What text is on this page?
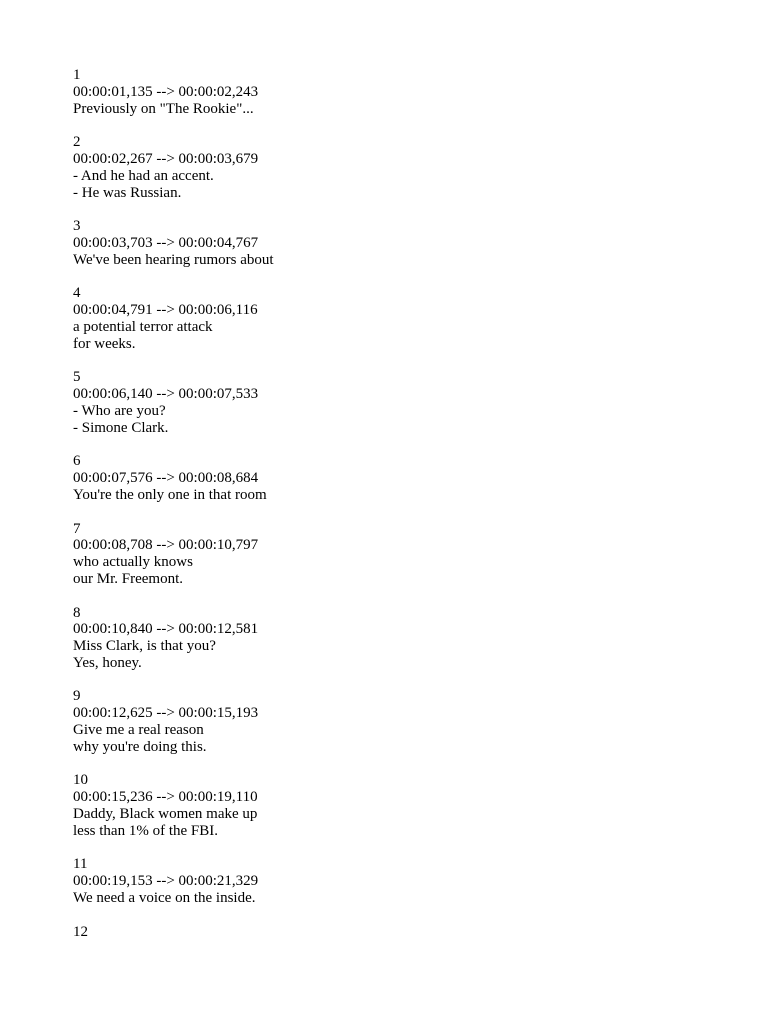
1
00:00:01,135 --> 00:00:02,243
Previously on "The Rookie"...
2
00:00:02,267 --> 00:00:03,679
- And he had an accent.
- He was Russian.
3
00:00:03,703 --> 00:00:04,767
We've been hearing rumors about
4
00:00:04,791 --> 00:00:06,116
a potential terror attack
for weeks.
5
00:00:06,140 --> 00:00:07,533
- Who are you?
- Simone Clark.
6
00:00:07,576 --> 00:00:08,684
You're the only one in that room
7
00:00:08,708 --> 00:00:10,797
who actually knows
our Mr. Freemont.
8
00:00:10,840 --> 00:00:12,581
Miss Clark, is that you?
Yes, honey.
9
00:00:12,625 --> 00:00:15,193
Give me a real reason
why you're doing this.
10
00:00:15,236 --> 00:00:19,110
Daddy, Black women make up
less than 1% of the FBI.
11
00:00:19,153 --> 00:00:21,329
We need a voice on the inside.
12
